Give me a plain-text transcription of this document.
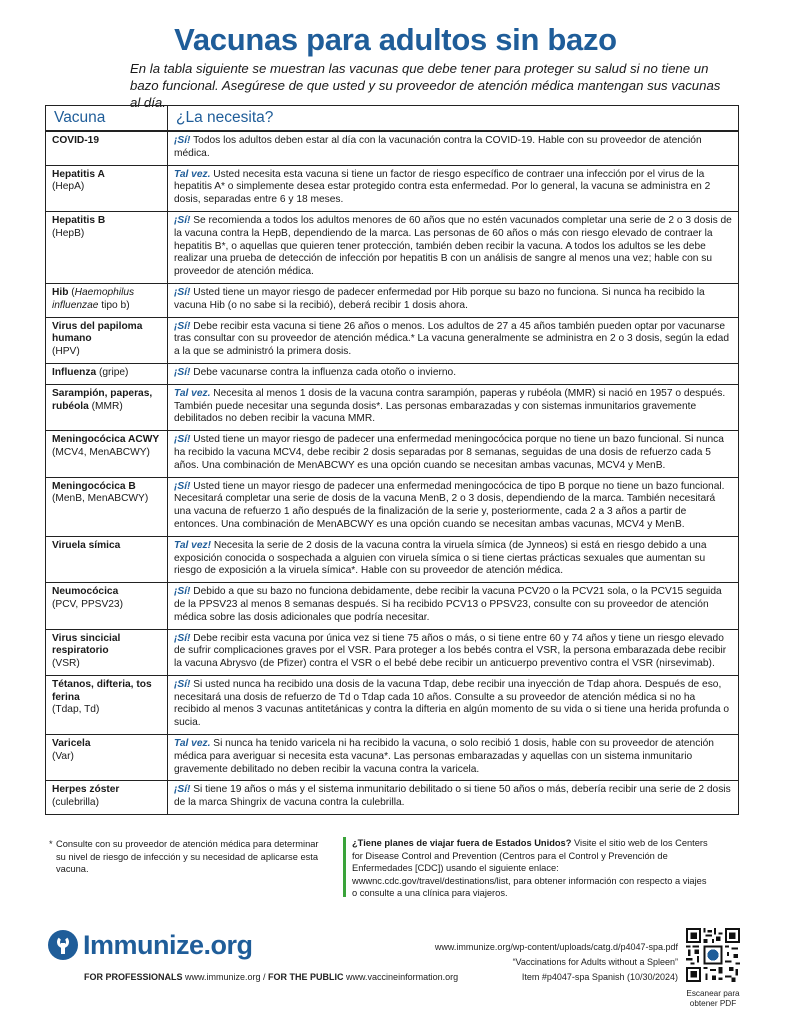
Vacunas para adultos sin bazo
En la tabla siguiente se muestran las vacunas que debe tener para proteger su salud si no tiene un bazo funcional. Asegúrese de que usted y su proveedor de atención médica mantengan sus vacunas al día.
Vacuna	¿La necesita?

COVID-19	¡Sí! Todos los adultos deben estar al día con la vacunación contra la COVID-19. Hable con su proveedor de atención médica.

Hepatitis A
(HepA)	Tal vez. Usted necesita esta vacuna si tiene un factor de riesgo específico de contraer una infección por el virus de la hepatitis A* o simplemente desea estar protegido contra esta enfermedad. Por lo general, la vacuna se administra en 2 dosis, separadas entre 6 y 18 meses.

Hepatitis B
(HepB)	¡Sí! Se recomienda a todos los adultos menores de 60 años que no estén vacunados completar una serie de 2 o 3 dosis de la vacuna contra la HepB, dependiendo de la marca. Las personas de 60 años o más con riesgo elevado de contraer la hepatitis B*, o aquellas que quieren tener protección, también deben recibir la vacuna. A todos los adultos se les debe realizar una prueba de detección de infección por hepatitis B con un análisis de sangre al menos una vez; hable con su proveedor de atención médica.

Hib (Haemophilus influenzae tipo b)	¡Sí! Usted tiene un mayor riesgo de padecer enfermedad por Hib porque su bazo no funciona. Si nunca ha recibido la vacuna Hib (o no sabe si la recibió), deberá recibir 1 dosis ahora.

Virus del papiloma humano
(HPV)	¡Sí! Debe recibir esta vacuna si tiene 26 años o menos. Los adultos de 27 a 45 años también pueden optar por vacunarse tras consultar con su proveedor de atención médica.* La vacuna generalmente se administra en 2 o 3 dosis, según la edad a la que se administró la primera dosis.

Influenza (gripe)	¡Sí! Debe vacunarse contra la influenza cada otoño o invierno.

Sarampión, paperas, rubéola (MMR)	Tal vez. Necesita al menos 1 dosis de la vacuna contra sarampión, paperas y rubéola (MMR) si nació en 1957 o después. También puede necesitar una segunda dosis*. Las personas embarazadas y con sistemas inmunitarios gravemente debilitados no deben recibir la vacuna MMR.

Meningocócica ACWY
(MCV4, MenABCWY)	¡Sí! Usted tiene un mayor riesgo de padecer una enfermedad meningocócica porque no tiene un bazo funcional. Si nunca ha recibido la vacuna MCV4, debe recibir 2 dosis separadas por 8 semanas, seguidas de una dosis de refuerzo cada 5 años. Una combinación de MenABCWY es una opción cuando se necesitan ambas vacunas, MCV4 y MenB.

Meningocócica B
(MenB, MenABCWY)	¡Sí! Usted tiene un mayor riesgo de padecer una enfermedad meningocócica de tipo B porque no tiene un bazo funcional. Necesitará completar una serie de dosis de la vacuna MenB, 2 o 3 dosis, dependiendo de la marca. También necesitará una vacuna de refuerzo 1 año después de la finalización de la serie y, posteriormente, cada 2 a 3 años a partir de entonces. Una combinación de MenABCWY es una opción cuando se necesitan ambas vacunas, MCV4 y MenB.

Viruela símica	Tal vez! Necesita la serie de 2 dosis de la vacuna contra la viruela símica (de Jynneos) si está en riesgo debido a una exposición conocida o sospechada a alguien con viruela símica o si tiene ciertas prácticas sexuales que aumentan su riesgo de exposición a la viruela símica*. Hable con su proveedor de atención médica.

Neumocócica
(PCV, PPSV23)	¡Sí! Debido a que su bazo no funciona debidamente, debe recibir la vacuna PCV20 o la PCV21 sola, o la PCV15 seguida de la PPSV23 al menos 8 semanas después. Si ha recibido PCV13 o PPSV23, consulte con su proveedor de atención médica sobre las dosis adicionales que podría necesitar.

Virus sincicial respiratorio
(VSR)	¡Sí! Debe recibir esta vacuna por única vez si tiene 75 años o más, o si tiene entre 60 y 74 años y tiene un riesgo elevado de sufrir complicaciones graves por el VSR. Para proteger a los bebés contra el VSR, la persona embarazada debe recibir la vacuna Abrysvo (de Pfizer) contra el VSR o el bebé debe recibir un anticuerpo preventivo contra el VSR (nirsevimab).

Tétanos, difteria, tos ferina
(Tdap, Td)	¡Sí! Si usted nunca ha recibido una dosis de la vacuna Tdap, debe recibir una inyección de Tdap ahora. Después de eso, necesitará una dosis de refuerzo de Td o Tdap cada 10 años. Consulte a su proveedor de atención médica si no ha recibido al menos 3 vacunas antitetánicas y contra la difteria en algún momento de su vida o si tiene una herida profunda o sucia.

Varicela
(Var)	Tal vez. Si nunca ha tenido varicela ni ha recibido la vacuna, o solo recibió 1 dosis, hable con su proveedor de atención médica para averiguar si necesita esta vacuna*. Las personas embarazadas y aquellas con un sistema inmunitario gravemente debilitado no deben recibir la vacuna contra la varicela.

Herpes zóster
(culebrilla)	¡Sí! Si tiene 19 años o más y el sistema inmunitario debilitado o si tiene 50 años o más, debería recibir una serie de 2 dosis de la marca Shingrix de vacuna contra la culebrilla.
* Consulte con su proveedor de atención médica para determinar su nivel de riesgo de infección y su necesidad de aplicarse esta vacuna.
¿Tiene planes de viajar fuera de Estados Unidos? Visite el sitio web de los Centers for Disease Control and Prevention (Centros para el Control y Prevención de Enfermedades [CDC]) usando el siguiente enlace: wwwnc.cdc.gov/travel/destinations/list, para obtener información con respecto a viajes o consulte a una clínica para viajeros.
Immunize.org
FOR PROFESSIONALS www.immunize.org / FOR THE PUBLIC www.vaccineinformation.org
www.immunize.org/wp-content/uploads/catg.d/p4047-spa.pdf
“Vaccinations for Adults without a Spleen”
Item #p4047-spa Spanish (10/30/2024)
Escanear para obtener PDF
